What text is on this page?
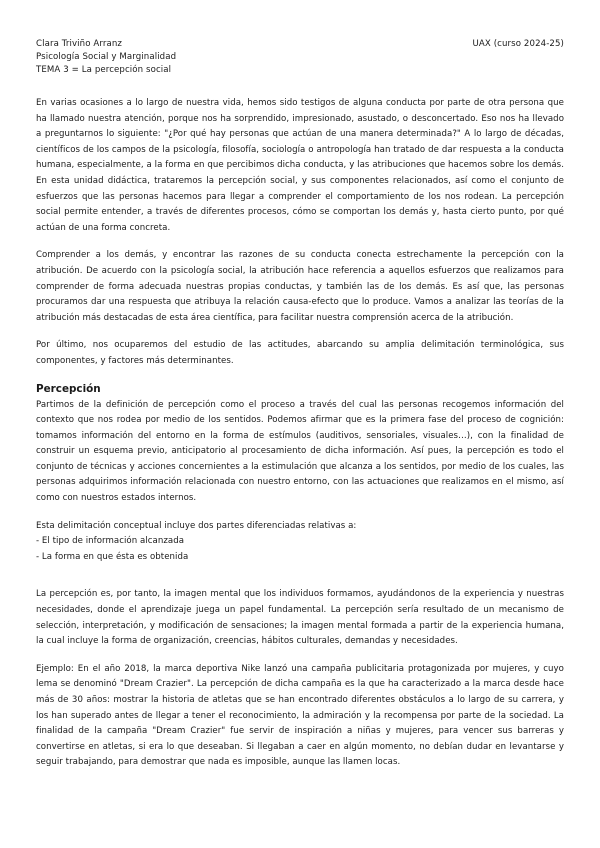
Clara Triviño Arranz	UAX (curso 2024-25)
Psicología Social y Marginalidad
TEMA 3 = La percepción social

En varias ocasiones a lo largo de nuestra vida, hemos sido testigos de alguna conducta por parte de otra persona que ha llamado nuestra atención, porque nos ha sorprendido, impresionado, asustado, o desconcertado. Eso nos ha llevado a preguntarnos lo siguiente: "¿Por qué hay personas que actúan de una manera determinada?" A lo largo de décadas, científicos de los campos de la psicología, filosofía, sociología o antropología han tratado de dar respuesta a la conducta humana, especialmente, a la forma en que percibimos dicha conducta, y las atribuciones que hacemos sobre los demás. En esta unidad didáctica, trataremos la percepción social, y sus componentes relacionados, así como el conjunto de esfuerzos que las personas hacemos para llegar a comprender el comportamiento de los nos rodean. La percepción social permite entender, a través de diferentes procesos, cómo se comportan los demás y, hasta cierto punto, por qué actúan de una forma concreta.

Comprender a los demás, y encontrar las razones de su conducta conecta estrechamente la percepción con la atribución. De acuerdo con la psicología social, la atribución hace referencia a aquellos esfuerzos que realizamos para comprender de forma adecuada nuestras propias conductas, y también las de los demás. Es así que, las personas procuramos dar una respuesta que atribuya la relación causa-efecto que lo produce. Vamos a analizar las teorías de la atribución más destacadas de esta área científica, para facilitar nuestra comprensión acerca de la atribución.

Por último, nos ocuparemos del estudio de las actitudes, abarcando su amplia delimitación terminológica, sus componentes, y factores más determinantes.

Percepción

Partimos de la definición de percepción como el proceso a través del cual las personas recogemos información del contexto que nos rodea por medio de los sentidos. Podemos afirmar que es la primera fase del proceso de cognición: tomamos información del entorno en la forma de estímulos (auditivos, sensoriales, visuales…), con la finalidad de construir un esquema previo, anticipatorio al procesamiento de dicha información. Así pues, la percepción es todo el conjunto de técnicas y acciones concernientes a la estimulación que alcanza a los sentidos, por medio de los cuales, las personas adquirimos información relacionada con nuestro entorno, con las actuaciones que realizamos en el mismo, así como con nuestros estados internos.

Esta delimitación conceptual incluye dos partes diferenciadas relativas a:
- El tipo de información alcanzada
- La forma en que ésta es obtenida

La percepción es, por tanto, la imagen mental que los individuos formamos, ayudándonos de la experiencia y nuestras necesidades, donde el aprendizaje juega un papel fundamental. La percepción sería resultado de un mecanismo de selección, interpretación, y modificación de sensaciones; la imagen mental formada a partir de la experiencia humana, la cual incluye la forma de organización, creencias, hábitos culturales, demandas y necesidades.

Ejemplo: En el año 2018, la marca deportiva Nike lanzó una campaña publicitaria protagonizada por mujeres, y cuyo lema se denominó "Dream Crazier". La percepción de dicha campaña es la que ha caracterizado a la marca desde hace más de 30 años: mostrar la historia de atletas que se han encontrado diferentes obstáculos a lo largo de su carrera, y los han superado antes de llegar a tener el reconocimiento, la admiración y la recompensa por parte de la sociedad. La finalidad de la campaña "Dream Crazier" fue servir de inspiración a niñas y mujeres, para vencer sus barreras y convertirse en atletas, si era lo que deseaban. Si llegaban a caer en algún momento, no debían dudar en levantarse y seguir trabajando, para demostrar que nada es imposible, aunque las llamen locas.
